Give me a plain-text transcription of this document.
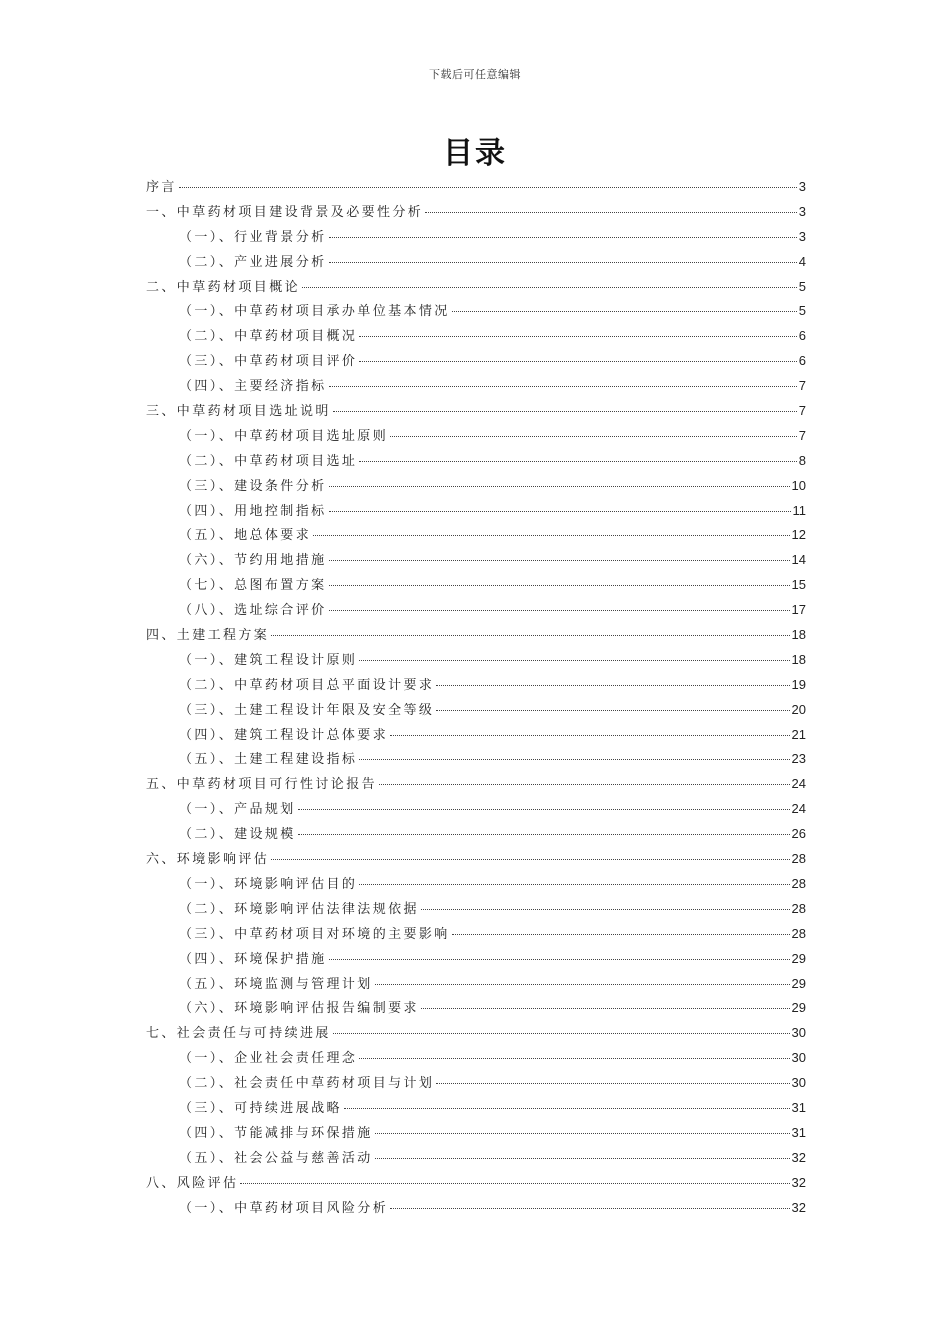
下载后可任意编辑
目录
序言	3
一、中草药材项目建设背景及必要性分析	3
（一）、行业背景分析	3
（二）、产业进展分析	4
二、中草药材项目概论	5
（一）、中草药材项目承办单位基本情况	5
（二）、中草药材项目概况	6
（三）、中草药材项目评价	6
（四）、主要经济指标	7
三、中草药材项目选址说明	7
（一）、中草药材项目选址原则	7
（二）、中草药材项目选址	8
（三）、建设条件分析	10
（四）、用地控制指标	11
（五）、地总体要求	12
（六）、节约用地措施	14
（七）、总图布置方案	15
（八）、选址综合评价	17
四、土建工程方案	18
（一）、建筑工程设计原则	18
（二）、中草药材项目总平面设计要求	19
（三）、土建工程设计年限及安全等级	20
（四）、建筑工程设计总体要求	21
（五）、土建工程建设指标	23
五、中草药材项目可行性讨论报告	24
（一）、产品规划	24
（二）、建设规模	26
六、环境影响评估	28
（一）、环境影响评估目的	28
（二）、环境影响评估法律法规依据	28
（三）、中草药材项目对环境的主要影响	28
（四）、环境保护措施	29
（五）、环境监测与管理计划	29
（六）、环境影响评估报告编制要求	29
七、社会责任与可持续进展	30
（一）、企业社会责任理念	30
（二）、社会责任中草药材项目与计划	30
（三）、可持续进展战略	31
（四）、节能减排与环保措施	31
（五）、社会公益与慈善活动	32
八、风险评估	32
（一）、中草药材项目风险分析	32
